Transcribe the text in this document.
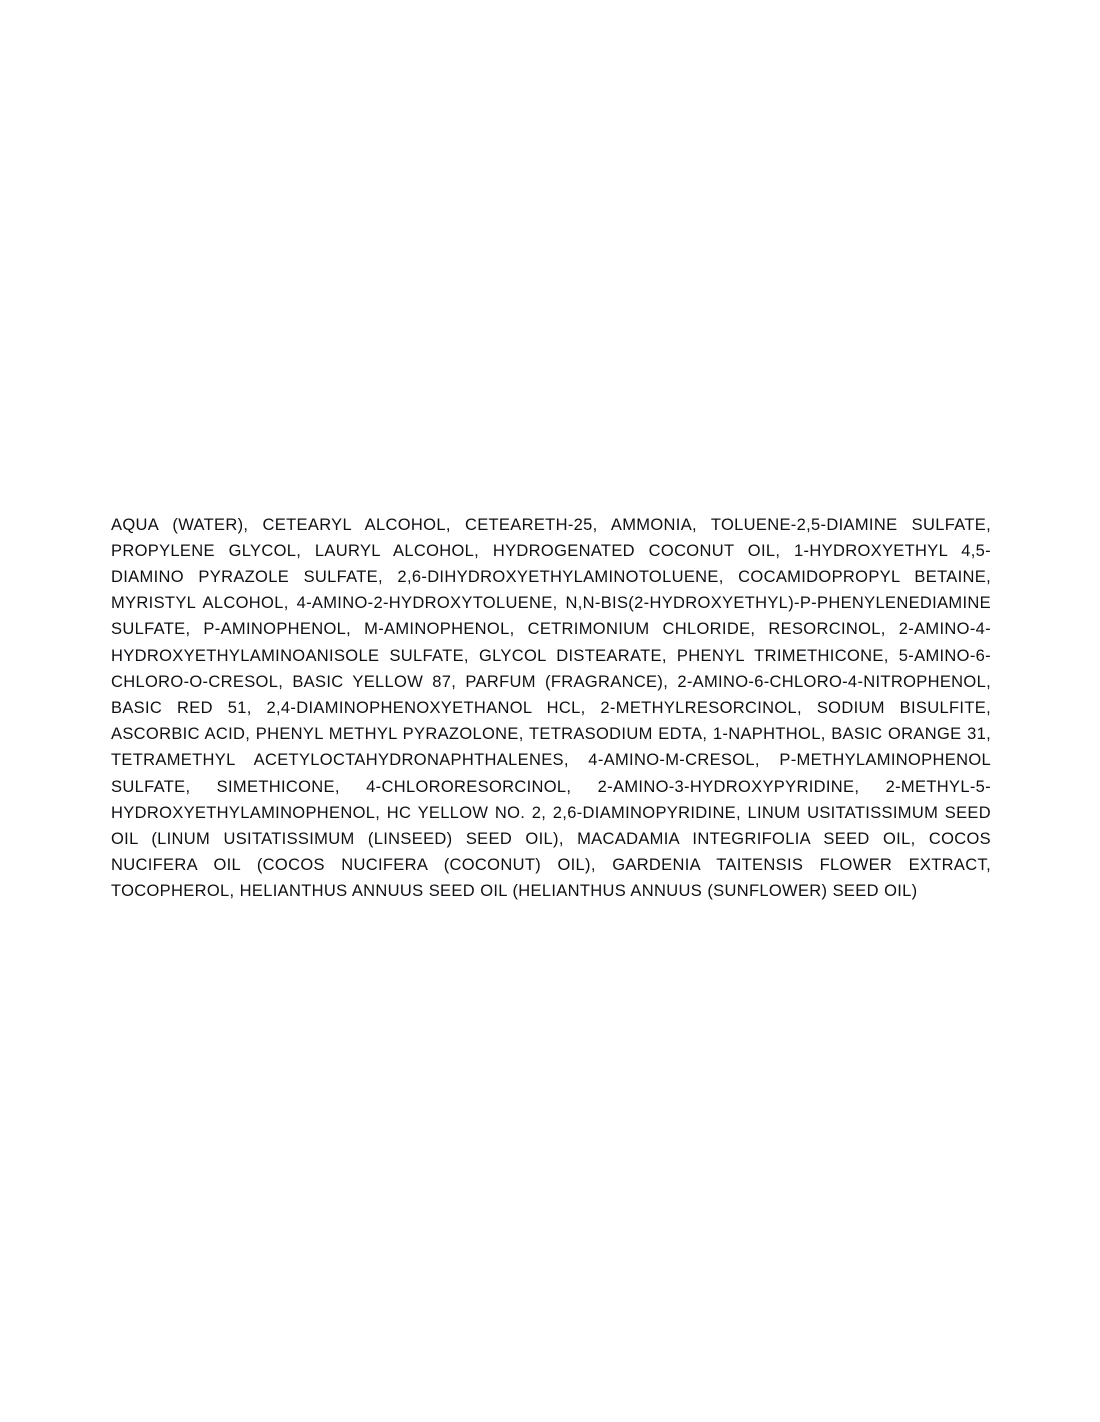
AQUA (WATER), CETEARYL ALCOHOL, CETEARETH-25, AMMONIA, TOLUENE-2,5-DIAMINE SULFATE, PROPYLENE GLYCOL, LAURYL ALCOHOL, HYDROGENATED COCONUT OIL, 1-HYDROXYETHYL 4,5-DIAMINO PYRAZOLE SULFATE, 2,6-DIHYDROXYETHYLAMINOTOLUENE, COCAMIDOPROPYL BETAINE, MYRISTYL ALCOHOL, 4-AMINO-2-HYDROXYTOLUENE, N,N-BIS(2-HYDROXYETHYL)-P-PHENYLENEDIAMINE SULFATE, P-AMINOPHENOL, M-AMINOPHENOL, CETRIMONIUM CHLORIDE, RESORCINOL, 2-AMINO-4-HYDROXYETHYLAMINOANISOLE SULFATE, GLYCOL DISTEARATE, PHENYL TRIMETHICONE, 5-AMINO-6-CHLORO-O-CRESOL, BASIC YELLOW 87, PARFUM (FRAGRANCE), 2-AMINO-6-CHLORO-4-NITROPHENOL, BASIC RED 51, 2,4-DIAMINOPHENOXYETHANOL HCL, 2-METHYLRESORCINOL, SODIUM BISULFITE, ASCORBIC ACID, PHENYL METHYL PYRAZOLONE, TETRASODIUM EDTA, 1-NAPHTHOL, BASIC ORANGE 31, TETRAMETHYL ACETYLOCTAHYDRONAPHTHALENES, 4-AMINO-M-CRESOL, P-METHYLAMINOPHENOL SULFATE, SIMETHICONE, 4-CHLORORESORCINOL, 2-AMINO-3-HYDROXYPYRIDINE, 2-METHYL-5-HYDROXYETHYLAMINOPHENOL, HC YELLOW NO. 2, 2,6-DIAMINOPYRIDINE, LINUM USITATISSIMUM SEED OIL (LINUM USITATISSIMUM (LINSEED) SEED OIL), MACADAMIA INTEGRIFOLIA SEED OIL, COCOS NUCIFERA OIL (COCOS NUCIFERA (COCONUT) OIL), GARDENIA TAITENSIS FLOWER EXTRACT, TOCOPHEROL, HELIANTHUS ANNUUS SEED OIL (HELIANTHUS ANNUUS (SUNFLOWER) SEED OIL)
